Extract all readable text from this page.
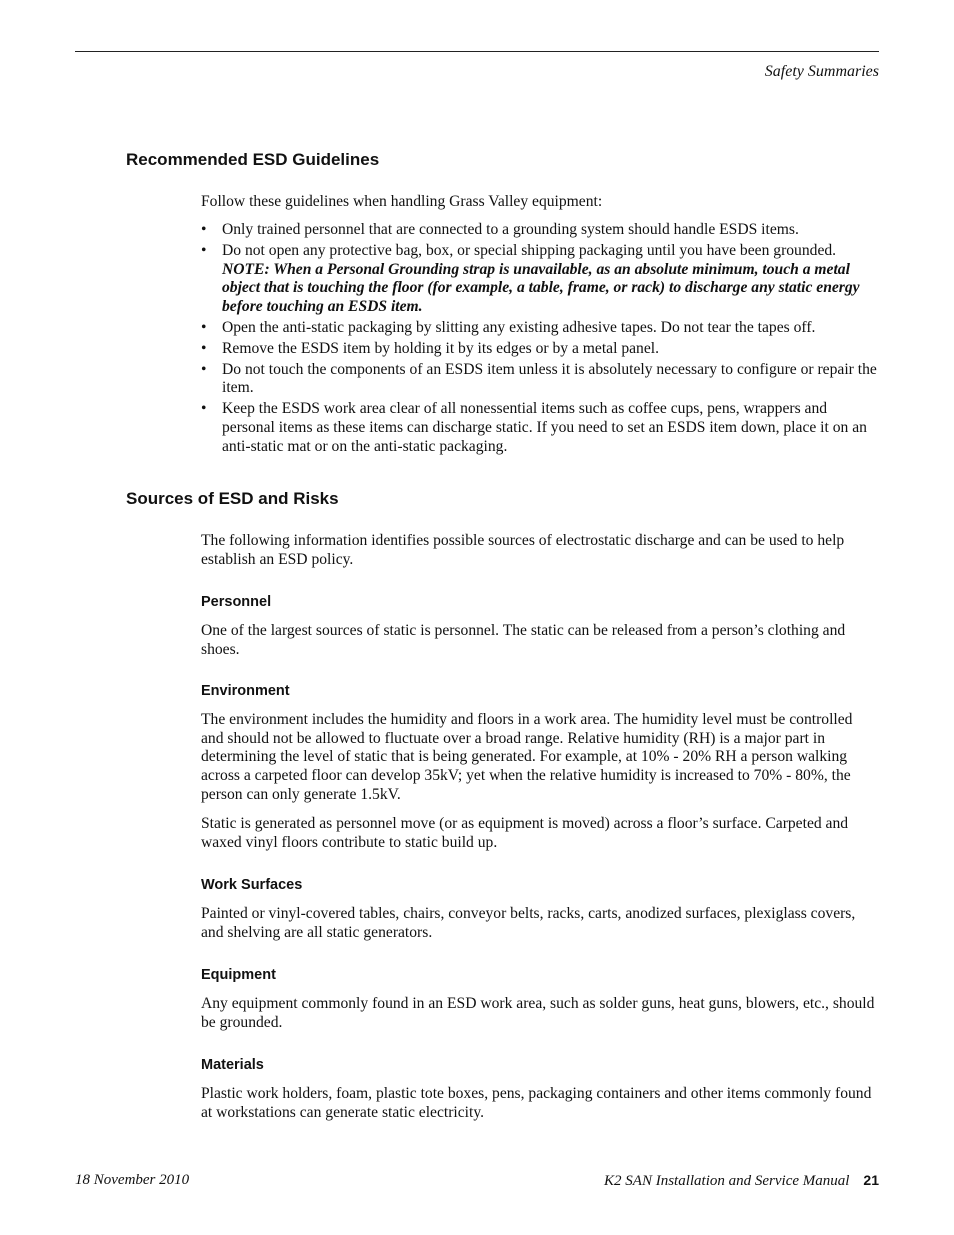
Safety Summaries
Recommended ESD Guidelines

Follow these guidelines when handling Grass Valley equipment:

• Only trained personnel that are connected to a grounding system should handle ESDS items.
• Do not open any protective bag, box, or special shipping packaging until you have been grounded.
NOTE: When a Personal Grounding strap is unavailable, as an absolute minimum, touch a metal object that is touching the floor (for example, a table, frame, or rack) to discharge any static energy before touching an ESDS item.
• Open the anti-static packaging by slitting any existing adhesive tapes. Do not tear the tapes off.
• Remove the ESDS item by holding it by its edges or by a metal panel.
• Do not touch the components of an ESDS item unless it is absolutely necessary to configure or repair the item.
• Keep the ESDS work area clear of all nonessential items such as coffee cups, pens, wrappers and personal items as these items can discharge static. If you need to set an ESDS item down, place it on an anti-static mat or on the anti-static packaging.
Sources of ESD and Risks

The following information identifies possible sources of electrostatic discharge and can be used to help establish an ESD policy.

Personnel

One of the largest sources of static is personnel. The static can be released from a person’s clothing and shoes.

Environment

The environment includes the humidity and floors in a work area. The humidity level must be controlled and should not be allowed to fluctuate over a broad range. Relative humidity (RH) is a major part in determining the level of static that is being generated. For example, at 10% - 20% RH a person walking across a carpeted floor can develop 35kV; yet when the relative humidity is increased to 70% - 80%, the person can only generate 1.5kV.

Static is generated as personnel move (or as equipment is moved) across a floor’s surface. Carpeted and waxed vinyl floors contribute to static build up.

Work Surfaces

Painted or vinyl-covered tables, chairs, conveyor belts, racks, carts, anodized surfaces, plexiglass covers, and shelving are all static generators.

Equipment

Any equipment commonly found in an ESD work area, such as solder guns, heat guns, blowers, etc., should be grounded.

Materials

Plastic work holders, foam, plastic tote boxes, pens, packaging containers and other items commonly found at workstations can generate static electricity.

18 November 2010	K2 SAN Installation and Service Manual 21
